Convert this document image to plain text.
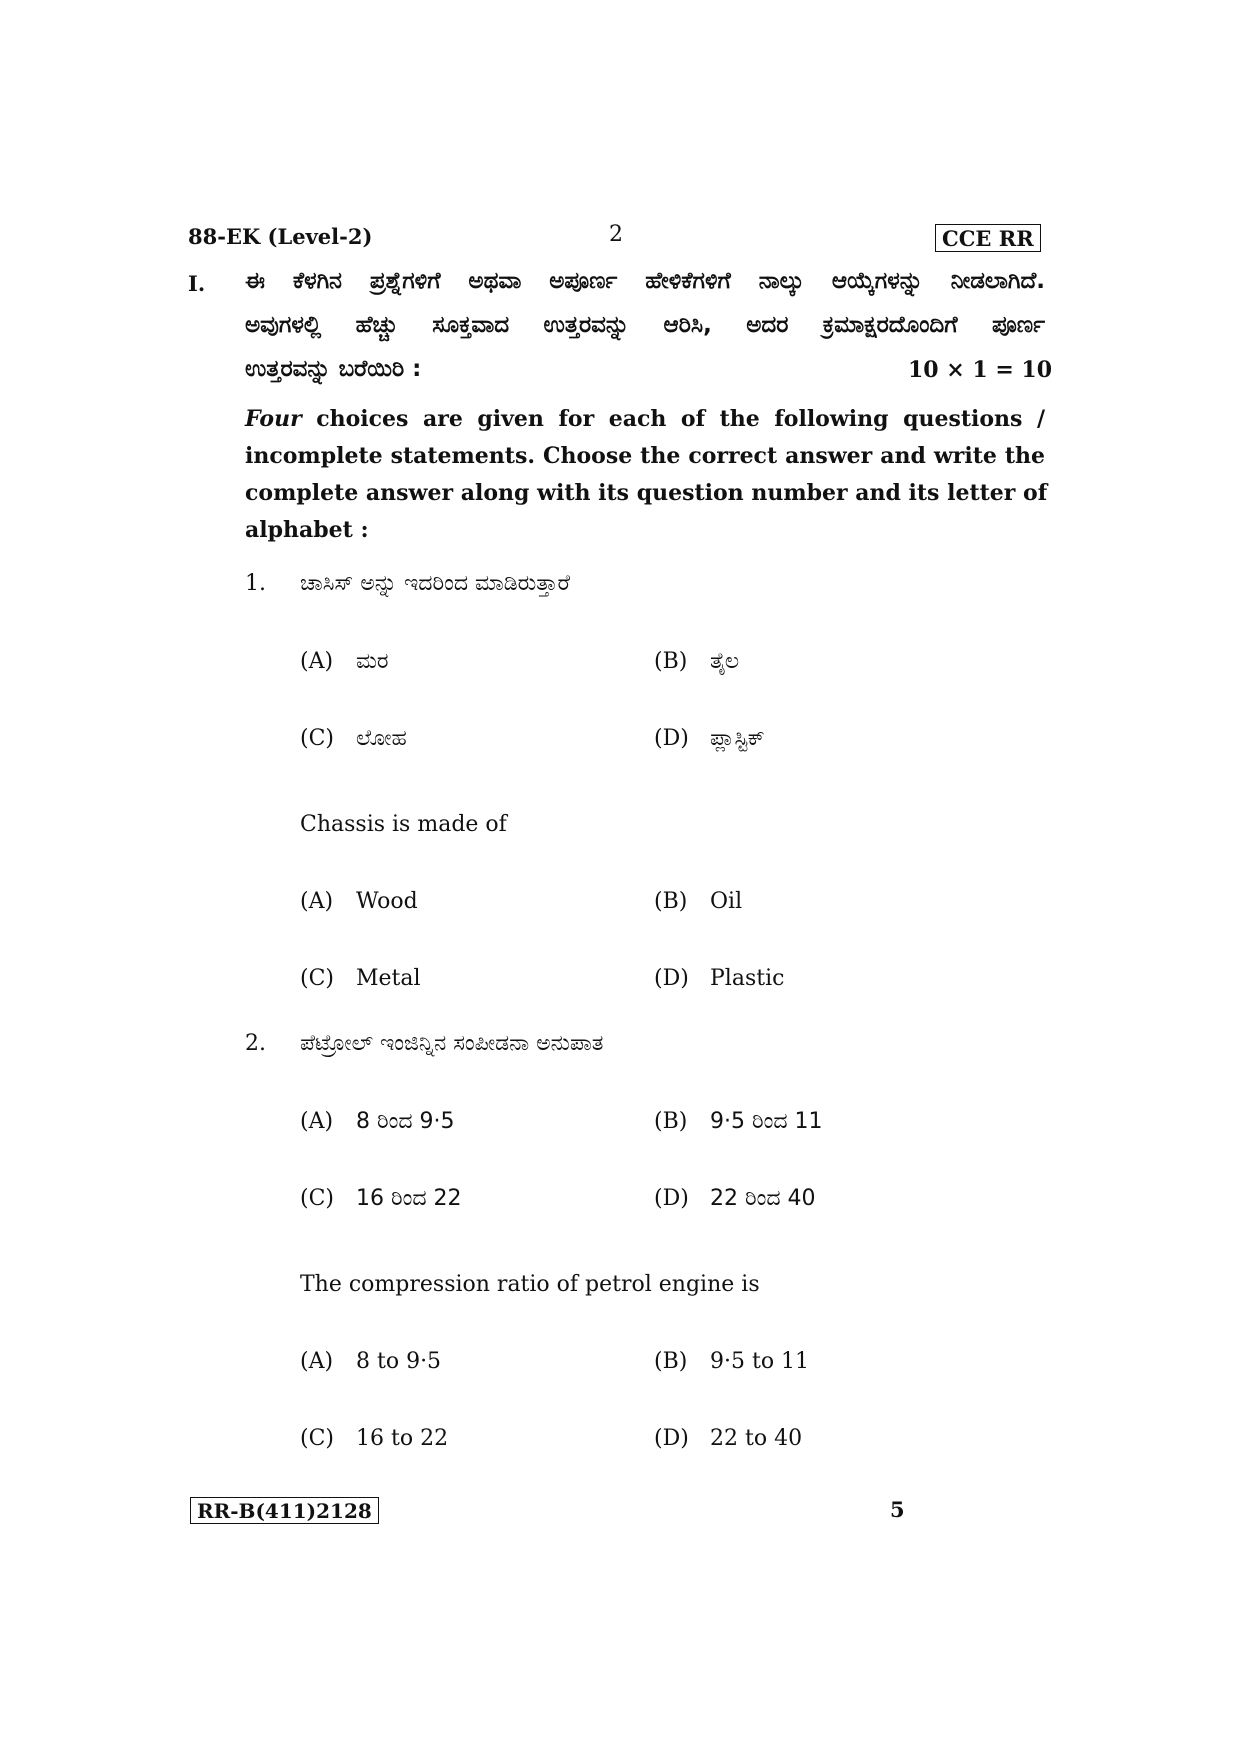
88-EK (Level-2)	2	CCE RR
I. ಈ ಕೆಳಗಿನ ಪ್ರಶ್ನೆಗಳಿಗೆ ಅಥವಾ ಅಪೂರ್ಣ ಹೇಳಿಕೆಗಳಿಗೆ ನಾಲ್ಕು ಆಯ್ಕೆಗಳನ್ನು ನೀಡಲಾಗಿದೆ.
ಅವುಗಳಲ್ಲಿ ಹೆಚ್ಚು ಸೂಕ್ತವಾದ ಉತ್ತರವನ್ನು ಆರಿಸಿ, ಅದರ ಕ್ರಮಾಕ್ಷರದೊಂದಿಗೆ ಪೂರ್ಣ
ಉತ್ತರವನ್ನು ಬರೆಯಿರಿ :	10 × 1 = 10
Four choices are given for each of the following questions /
incomplete statements. Choose the correct answer and write the
complete answer along with its question number and its letter of
alphabet :
1. ಚಾಸಿಸ್ ಅನ್ನು ಇದರಿಂದ ಮಾಡಿರುತ್ತಾರೆ
(A) ಮರ	(B) ತೈಲ
(C) ಲೋಹ	(D) ಪ್ಲಾಸ್ಟಿಕ್
Chassis is made of
(A) Wood	(B) Oil
(C) Metal	(D) Plastic
2. ಪೆಟ್ರೋಲ್ ಇಂಜಿನ್ನಿನ ಸಂಪೀಡನಾ ಅನುಪಾತ
(A) 8 ರಿಂದ 9·5	(B) 9·5 ರಿಂದ 11
(C) 16 ರಿಂದ 22	(D) 22 ರಿಂದ 40
The compression ratio of petrol engine is
(A) 8 to 9·5	(B) 9·5 to 11
(C) 16 to 22	(D) 22 to 40
RR-B(411)2128	5
